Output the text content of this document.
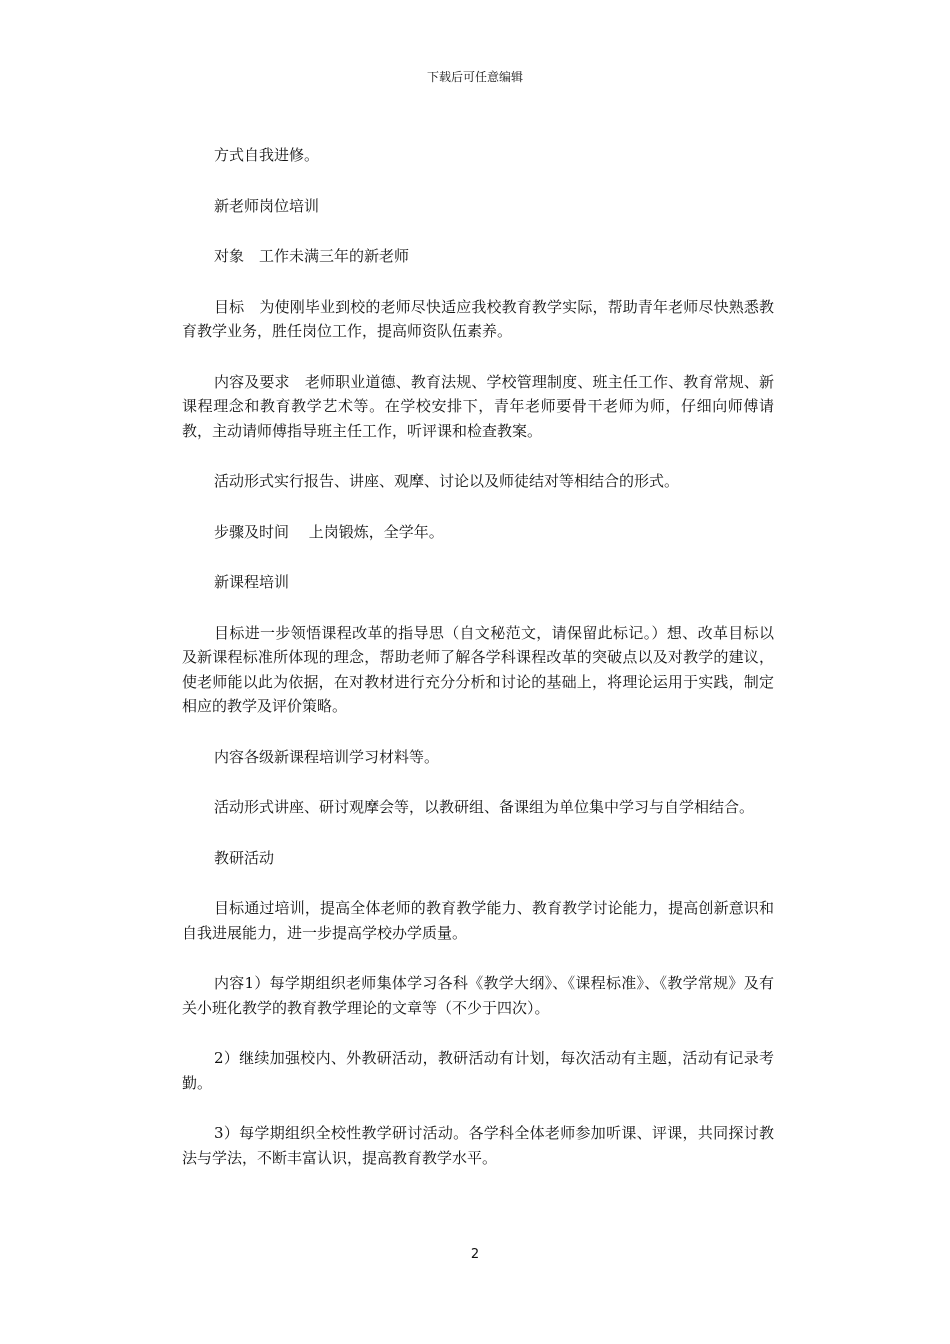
下载后可任意编辑

方式自我进修。

新老师岗位培训

对象　工作未满三年的新老师

目标　为使刚毕业到校的老师尽快适应我校教育教学实际，帮助青年老师尽快熟悉教育教学业务，胜任岗位工作，提高师资队伍素养。

内容及要求　老师职业道德、教育法规、学校管理制度、班主任工作、教育常规、新课程理念和教育教学艺术等。在学校安排下，青年老师要骨干老师为师，仔细向师傅请教，主动请师傅指导班主任工作，听评课和检查教案。

活动形式实行报告、讲座、观摩、讨论以及师徒结对等相结合的形式。

步骤及时间　 上岗锻炼，全学年。

新课程培训

目标进一步领悟课程改革的指导思（自文秘范文，请保留此标记。）想、改革目标以及新课程标准所体现的理念，帮助老师了解各学科课程改革的突破点以及对教学的建议，使老师能以此为依据，在对教材进行充分分析和讨论的基础上，将理论运用于实践，制定相应的教学及评价策略。

内容各级新课程培训学习材料等。

活动形式讲座、研讨观摩会等，以教研组、备课组为单位集中学习与自学相结合。

教研活动

目标通过培训，提高全体老师的教育教学能力、教育教学讨论能力，提高创新意识和自我进展能力，进一步提高学校办学质量。

内容1）每学期组织老师集体学习各科《教学大纲》、《课程标准》、《教学常规》及有关小班化教学的教育教学理论的文章等（不少于四次）。

2）继续加强校内、外教研活动，教研活动有计划，每次活动有主题，活动有记录考勤。

3）每学期组织全校性教学研讨活动。各学科全体老师参加听课、评课，共同探讨教法与学法，不断丰富认识，提高教育教学水平。

2
